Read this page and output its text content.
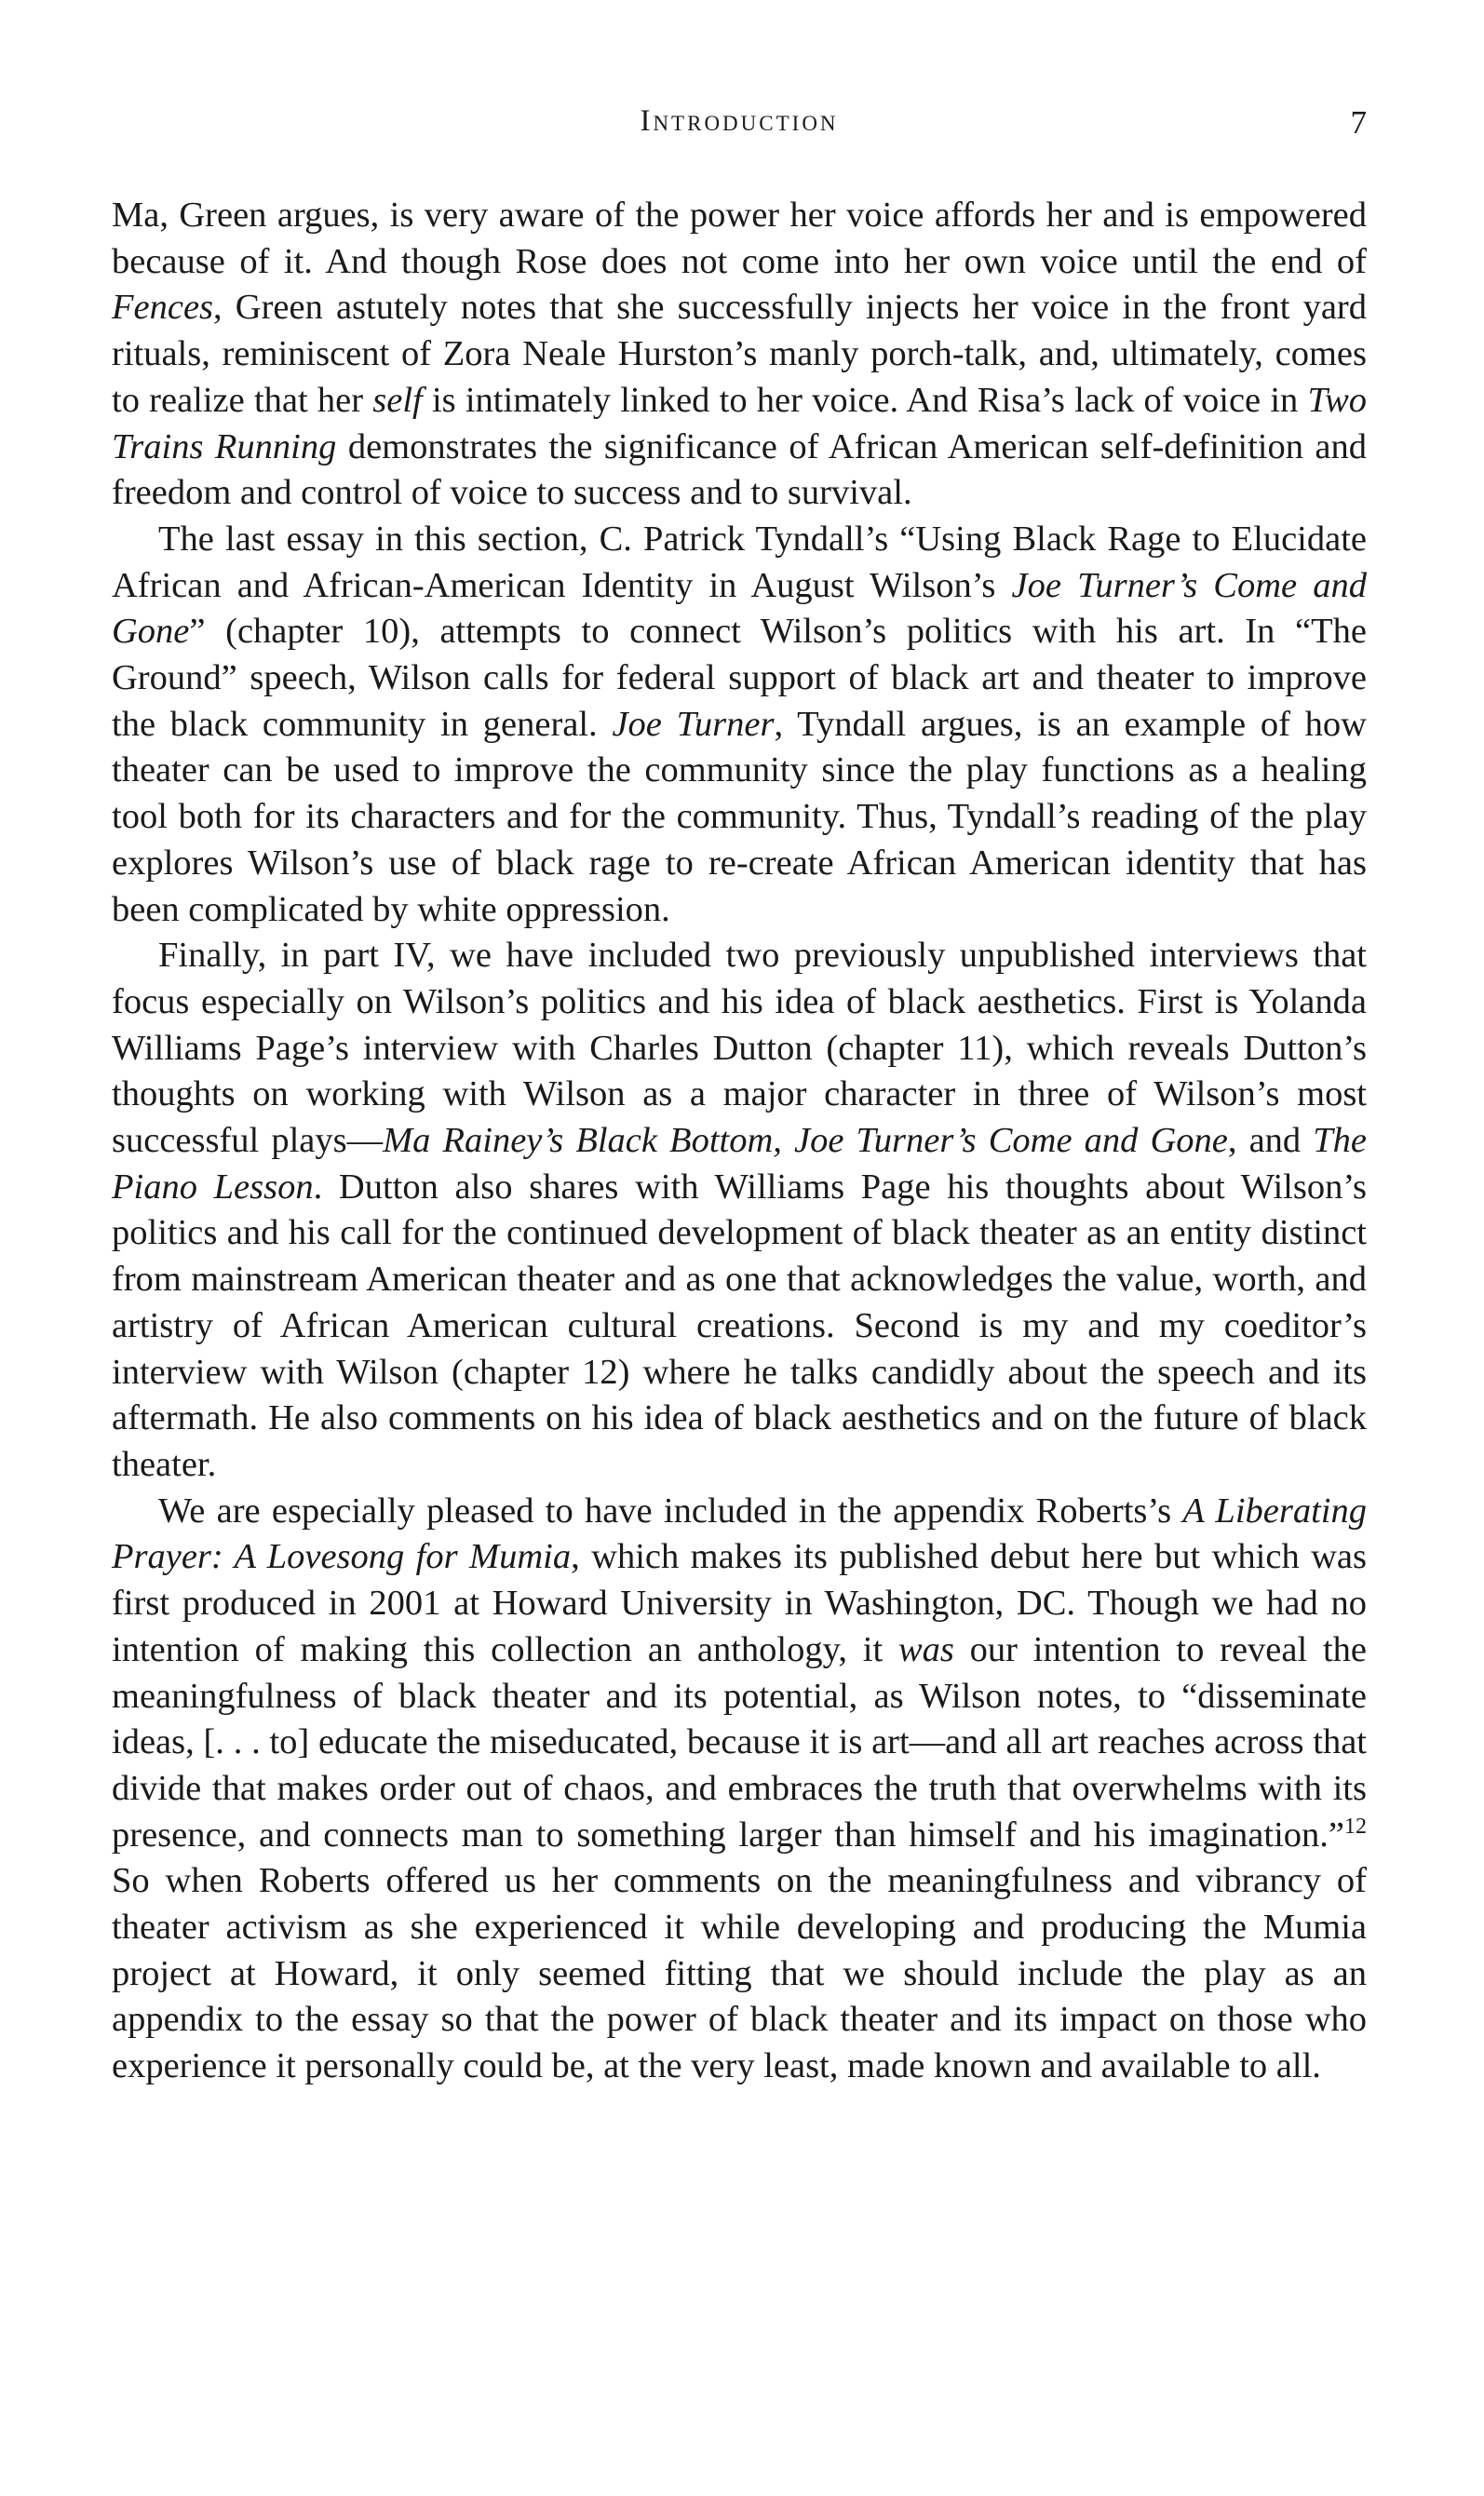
Introduction	7

Ma, Green argues, is very aware of the power her voice affords her and is empowered because of it. And though Rose does not come into her own voice until the end of Fences, Green astutely notes that she successfully injects her voice in the front yard rituals, reminiscent of Zora Neale Hurston’s manly porch-talk, and, ultimately, comes to realize that her self is intimately linked to her voice. And Risa’s lack of voice in Two Trains Running demonstrates the significance of African American self-definition and freedom and control of voice to success and to survival.

The last essay in this section, C. Patrick Tyndall’s “Using Black Rage to Elucidate African and African-American Identity in August Wilson’s Joe Turner’s Come and Gone” (chapter 10), attempts to connect Wilson’s politics with his art. In “The Ground” speech, Wilson calls for federal support of black art and theater to improve the black community in general. Joe Turner, Tyndall argues, is an example of how theater can be used to improve the community since the play functions as a healing tool both for its characters and for the community. Thus, Tyndall’s reading of the play explores Wilson’s use of black rage to re-create African American identity that has been complicated by white oppression.

Finally, in part IV, we have included two previously unpublished interviews that focus especially on Wilson’s politics and his idea of black aesthetics. First is Yolanda Williams Page’s interview with Charles Dutton (chapter 11), which reveals Dutton’s thoughts on working with Wilson as a major character in three of Wilson’s most successful plays—Ma Rainey’s Black Bottom, Joe Turner’s Come and Gone, and The Piano Lesson. Dutton also shares with Williams Page his thoughts about Wilson’s politics and his call for the continued development of black theater as an entity distinct from mainstream American theater and as one that acknowledges the value, worth, and artistry of African American cultural creations. Second is my and my coeditor’s interview with Wilson (chapter 12) where he talks candidly about the speech and its aftermath. He also comments on his idea of black aesthetics and on the future of black theater.

We are especially pleased to have included in the appendix Roberts’s A Liberating Prayer: A Lovesong for Mumia, which makes its published debut here but which was first produced in 2001 at Howard University in Washington, DC. Though we had no intention of making this collection an anthology, it was our intention to reveal the meaningfulness of black theater and its potential, as Wilson notes, to “disseminate ideas, [. . . to] educate the miseducated, because it is art—and all art reaches across that divide that makes order out of chaos, and embraces the truth that overwhelms with its presence, and connects man to something larger than himself and his imagination.”$^{12}$ So when Roberts offered us her comments on the meaningfulness and vibrancy of theater activism as she experienced it while developing and producing the Mumia project at Howard, it only seemed fitting that we should include the play as an appendix to the essay so that the power of black theater and its impact on those who experience it personally could be, at the very least, made known and available to all.
